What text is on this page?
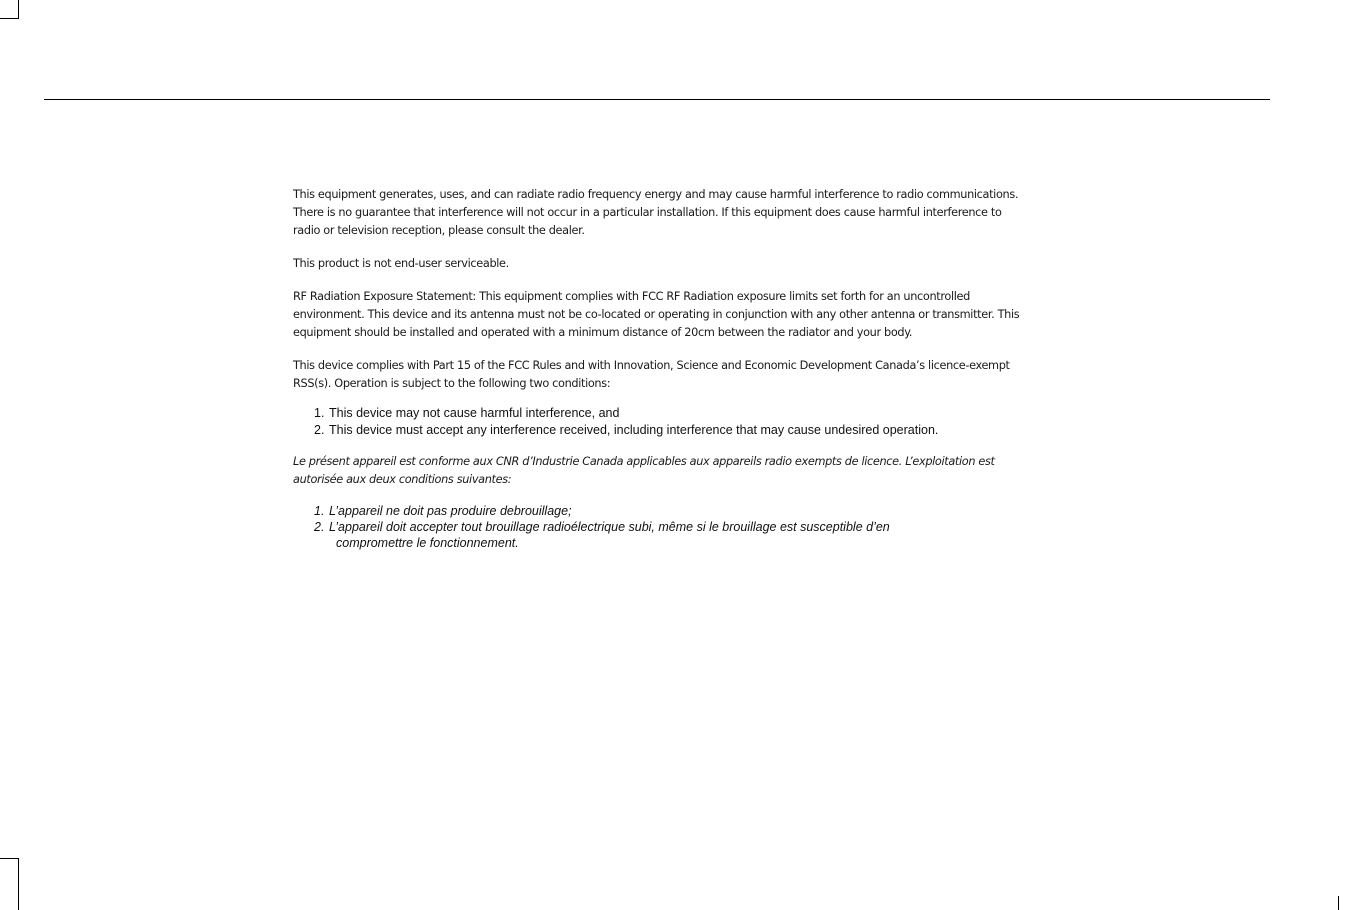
This equipment generates, uses, and can radiate radio frequency energy and may cause harmful interference to radio communications. There is no guarantee that interference will not occur in a particular installation. If this equipment does cause harmful interference to radio or television reception, please consult the dealer.

This product is not end-user serviceable.

RF Radiation Exposure Statement: This equipment complies with FCC RF Radiation exposure limits set forth for an uncontrolled environment. This device and its antenna must not be co-located or operating in conjunction with any other antenna or transmitter. This equipment should be installed and operated with a minimum distance of 20cm between the radiator and your body.

This device complies with Part 15 of the FCC Rules and with Innovation, Science and Economic Development Canada’s licence-exempt RSS(s). Operation is subject to the following two conditions:

1. This device may not cause harmful interference, and
2. This device must accept any interference received, including interference that may cause undesired operation.

Le présent appareil est conforme aux CNR d’Industrie Canada applicables aux appareils radio exempts de licence. L’exploitation est autorisée aux deux conditions suivantes:

1. L’appareil ne doit pas produire debrouillage;
2. L’appareil doit accepter tout brouillage radioélectrique subi, même si le brouillage est susceptible d’en
compromettre le fonctionnement.
